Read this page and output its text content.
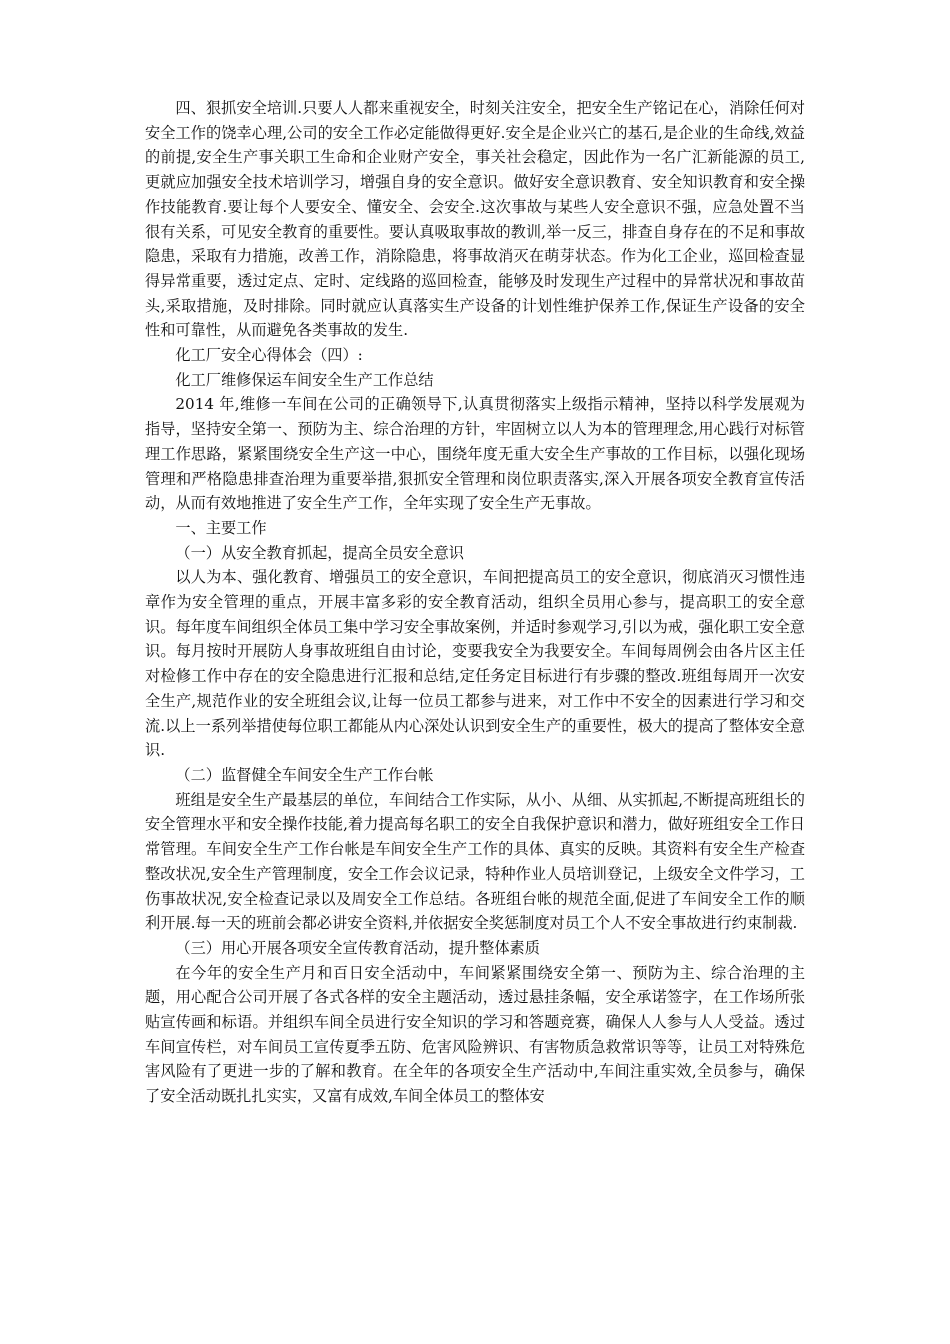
四、狠抓安全培训.只要人人都来重视安全，时刻关注安全，把安全生产铭记在心，消除任何对安全工作的饶幸心理,公司的安全工作必定能做得更好.安全是企业兴亡的基石,是企业的生命线,效益的前提,安全生产事关职工生命和企业财产安全，事关社会稳定，因此作为一名广汇新能源的员工,更就应加强安全技术培训学习，增强自身的安全意识。做好安全意识教育、安全知识教育和安全操作技能教育.要让每个人要安全、懂安全、会安全.这次事故与某些人安全意识不强，应急处置不当很有关系，可见安全教育的重要性。要认真吸取事故的教训,举一反三，排查自身存在的不足和事故隐患，采取有力措施，改善工作，消除隐患，将事故消灭在萌芽状态。作为化工企业，巡回检查显得异常重要，透过定点、定时、定线路的巡回检查，能够及时发现生产过程中的异常状况和事故苗头,采取措施，及时排除。同时就应认真落实生产设备的计划性维护保养工作,保证生产设备的安全性和可靠性，从而避免各类事故的发生.

化工厂安全心得体会（四）:

化工厂维修保运车间安全生产工作总结

2014 年,维修一车间在公司的正确领导下,认真贯彻落实上级指示精神，坚持以科学发展观为指导，坚持安全第一、预防为主、综合治理的方针，牢固树立以人为本的管理理念,用心践行对标管理工作思路，紧紧围绕安全生产这一中心，围绕年度无重大安全生产事故的工作目标，以强化现场管理和严格隐患排查治理为重要举措,狠抓安全管理和岗位职责落实,深入开展各项安全教育宣传活动，从而有效地推进了安全生产工作，全年实现了安全生产无事故。

一、主要工作

（一）从安全教育抓起，提高全员安全意识

以人为本、强化教育、增强员工的安全意识，车间把提高员工的安全意识，彻底消灭习惯性违章作为安全管理的重点，开展丰富多彩的安全教育活动，组织全员用心参与，提高职工的安全意识。每年度车间组织全体员工集中学习安全事故案例，并适时参观学习,引以为戒，强化职工安全意识。每月按时开展防人身事故班组自由讨论，变要我安全为我要安全。车间每周例会由各片区主任对检修工作中存在的安全隐患进行汇报和总结,定任务定目标进行有步骤的整改.班组每周开一次安全生产,规范作业的安全班组会议,让每一位员工都参与进来，对工作中不安全的因素进行学习和交流.以上一系列举措使每位职工都能从内心深处认识到安全生产的重要性，极大的提高了整体安全意识.

（二）监督健全车间安全生产工作台帐

班组是安全生产最基层的单位，车间结合工作实际，从小、从细、从实抓起,不断提高班组长的安全管理水平和安全操作技能,着力提高每名职工的安全自我保护意识和潜力，做好班组安全工作日常管理。车间安全生产工作台帐是车间安全生产工作的具体、真实的反映。其资料有安全生产检查整改状况,安全生产管理制度，安全工作会议记录，特种作业人员培训登记，上级安全文件学习，工伤事故状况,安全检查记录以及周安全工作总结。各班组台帐的规范全面,促进了车间安全工作的顺利开展.每一天的班前会都必讲安全资料,并依据安全奖惩制度对员工个人不安全事故进行约束制裁.

（三）用心开展各项安全宣传教育活动，提升整体素质

在今年的安全生产月和百日安全活动中，车间紧紧围绕安全第一、预防为主、综合治理的主题，用心配合公司开展了各式各样的安全主题活动，透过悬挂条幅，安全承诺签字，在工作场所张贴宣传画和标语。并组织车间全员进行安全知识的学习和答题竞赛，确保人人参与人人受益。透过车间宣传栏，对车间员工宣传夏季五防、危害风险辨识、有害物质急救常识等等，让员工对特殊危害风险有了更进一步的了解和教育。在全年的各项安全生产活动中,车间注重实效,全员参与，确保了安全活动既扎扎实实，又富有成效,车间全体员工的整体安
